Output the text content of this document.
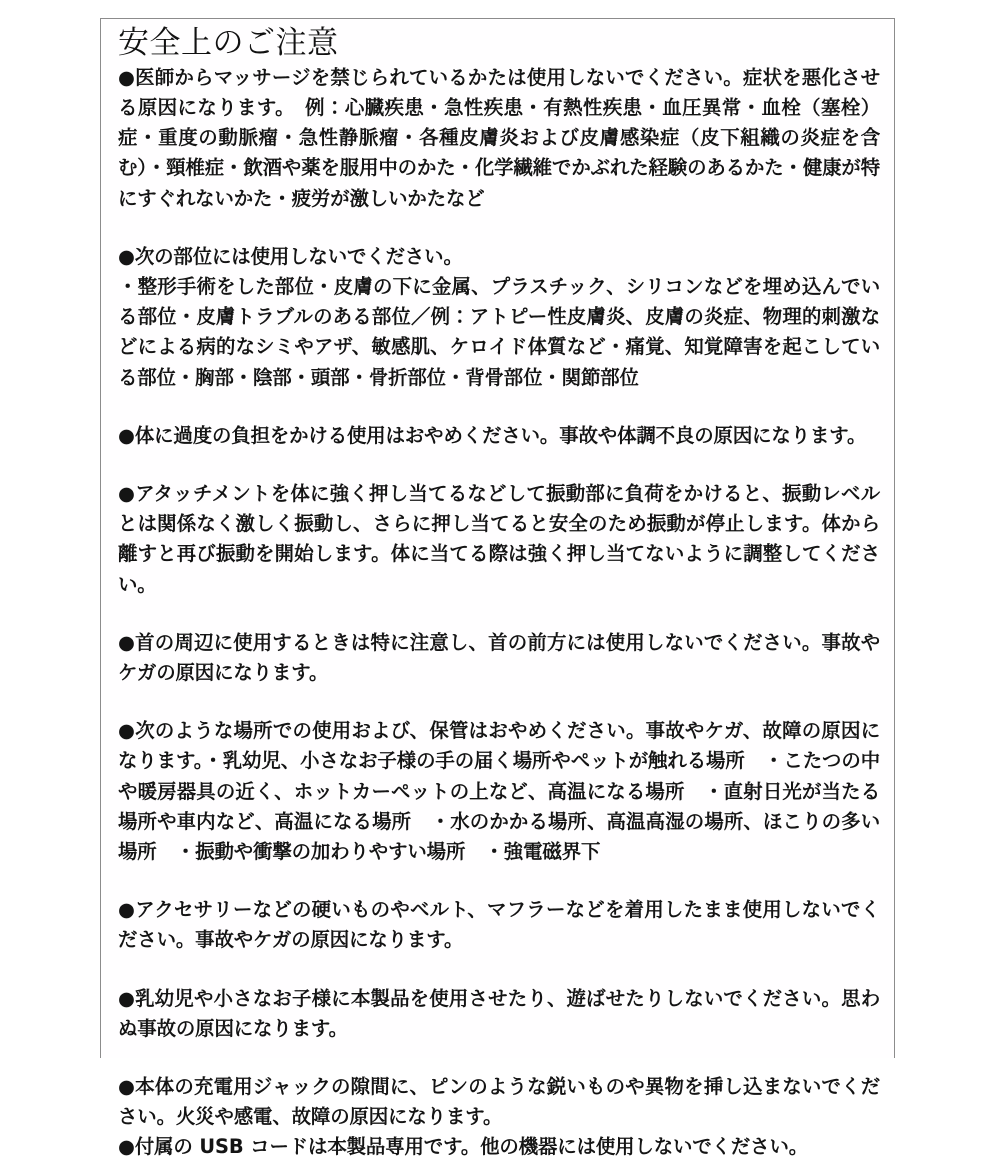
安全上のご注意

●医師からマッサージを禁じられているかたは使用しないでください。症状を悪化させる原因になります。　例：心臓疾患・急性疾患・有熱性疾患・血圧異常・血栓（塞栓）症・重度の動脈瘤・急性静脈瘤・各種皮膚炎および皮膚感染症（皮下組織の炎症を含む）・頸椎症・飲酒や薬を服用中のかた・化学繊維でかぶれた経験のあるかた・健康が特にすぐれないかた・疲労が激しいかたなど

●次の部位には使用しないでください。

・整形手術をした部位・皮膚の下に金属、プラスチック、シリコンなどを埋め込んでいる部位・皮膚トラブルのある部位／例：アトピー性皮膚炎、皮膚の炎症、物理的刺激などによる病的なシミやアザ、敏感肌、ケロイド体質など・痛覚、知覚障害を起こしている部位・胸部・陰部・頭部・骨折部位・背骨部位・関節部位

●体に過度の負担をかける使用はおやめください。事故や体調不良の原因になります。

●アタッチメントを体に強く押し当てるなどして振動部に負荷をかけると、振動レベルとは関係なく激しく振動し、さらに押し当てると安全のため振動が停止します。体から離すと再び振動を開始します。体に当てる際は強く押し当てないように調整してください。

●首の周辺に使用するときは特に注意し、首の前方には使用しないでください。事故やケガの原因になります。

●次のような場所での使用および、保管はおやめください。事故やケガ、故障の原因になります。・乳幼児、小さなお子様の手の届く場所やペットが触れる場所　・こたつの中や暖房器具の近く、ホットカーペットの上など、高温になる場所　・直射日光が当たる場所や車内など、高温になる場所　・水のかかる場所、高温高湿の場所、ほこりの多い場所　・振動や衝撃の加わりやすい場所　・強電磁界下

●アクセサリーなどの硬いものやベルト、マフラーなどを着用したまま使用しないでください。事故やケガの原因になります。

●乳幼児や小さなお子様に本製品を使用させたり、遊ばせたりしないでください。思わぬ事故の原因になります。

●本体の充電用ジャックの隙間に、ピンのような鋭いものや異物を挿し込まないでください。火災や感電、故障の原因になります。

●付属の USB コードは本製品専用です。他の機器には使用しないでください。
